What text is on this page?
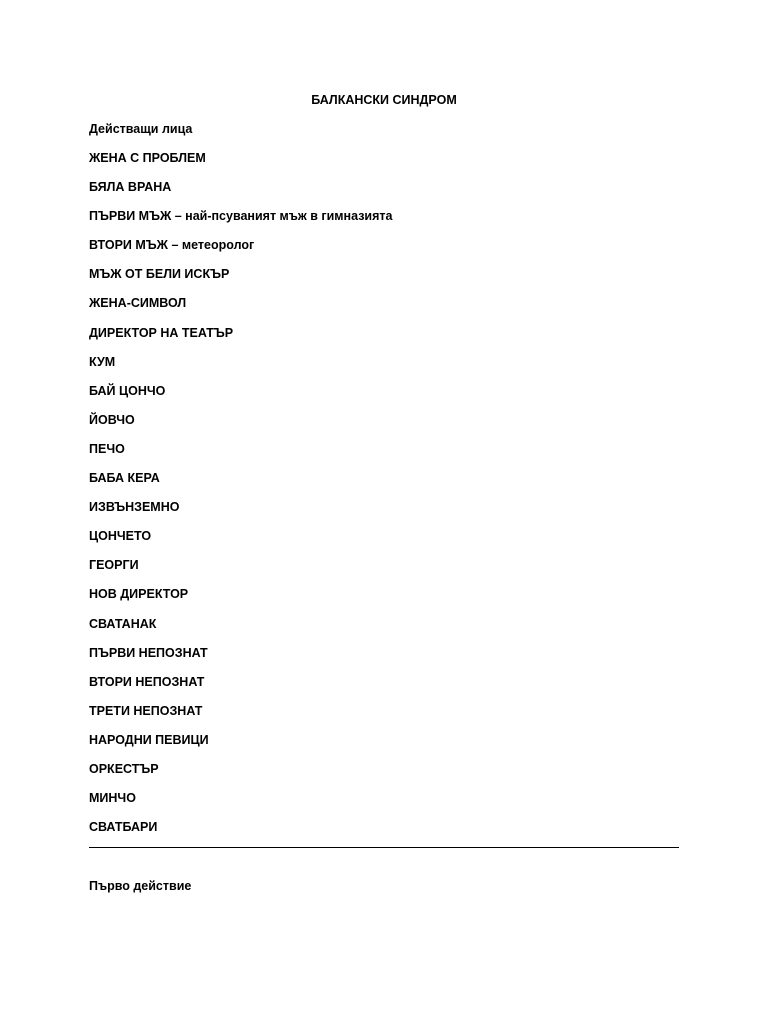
БАЛКАНСКИ СИНДРОМ

Действащи лица

ЖЕНА С ПРОБЛЕМ
БЯЛА ВРАНА
ПЪРВИ МЪЖ – най-псуваният мъж в гимназията
ВТОРИ МЪЖ – метеоролог
МЪЖ ОТ БЕЛИ ИСКЪР
ЖЕНА-СИМВОЛ
ДИРЕКТОР НА ТЕАТЪР
КУМ
БАЙ ЦОНЧО
ЙОВЧО
ПЕЧО
БАБА КЕРА
ИЗВЪНЗЕМНО
ЦОНЧЕТО
ГЕОРГИ
НОВ ДИРЕКТОР
СВАТАНАК
ПЪРВИ НЕПОЗНАТ
ВТОРИ НЕПОЗНАТ
ТРЕТИ НЕПОЗНАТ
НАРОДНИ ПЕВИЦИ
ОРКЕСТЪР
МИНЧО
СВАТБАРИ

Първо действие
